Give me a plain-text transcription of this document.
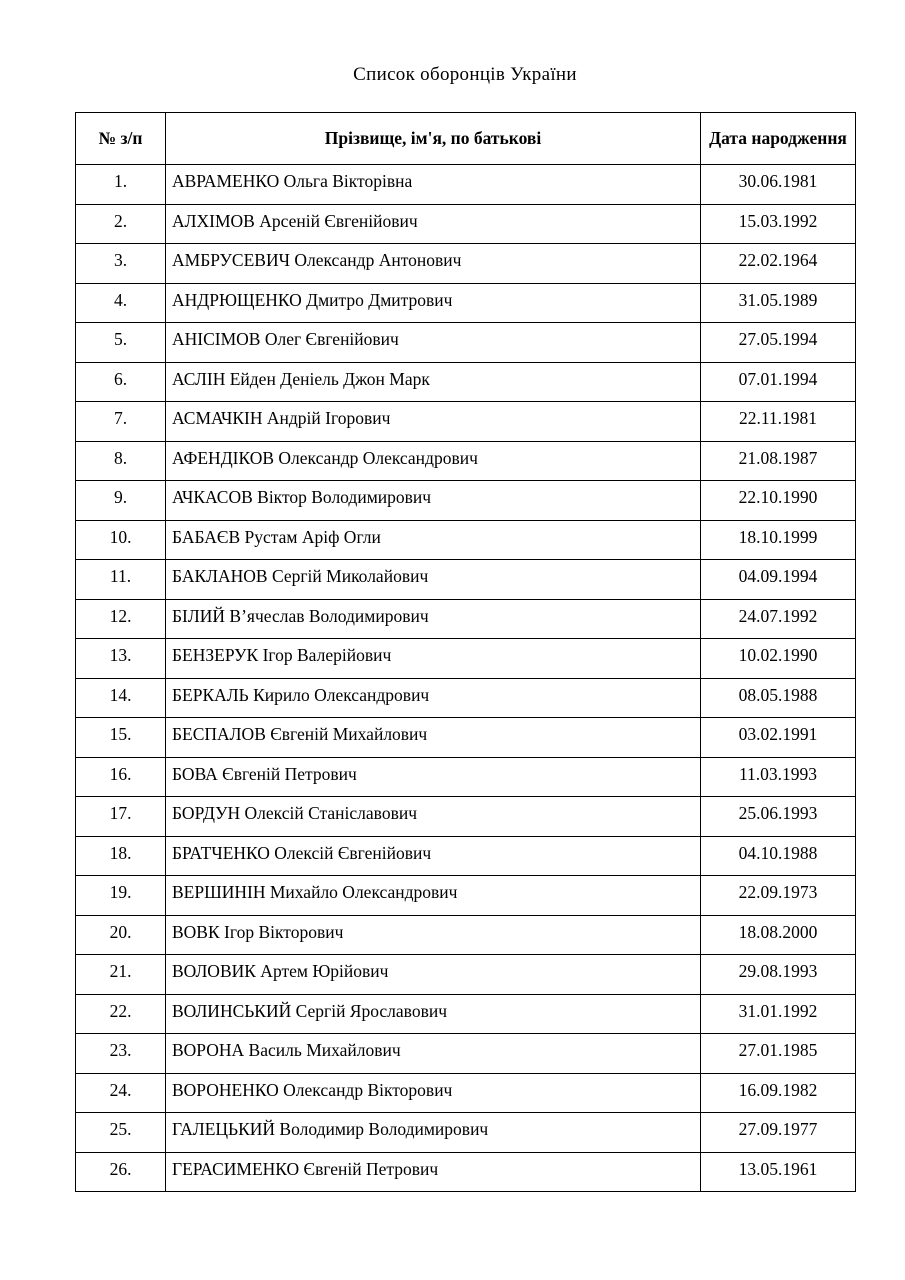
Список оборонців України
№ з/п	Прізвище, ім'я, по батькові	Дата народження
1.	АВРАМЕНКО Ольга Вікторівна	30.06.1981
2.	АЛХІМОВ Арсеній Євгенійович	15.03.1992
3.	АМБРУСЕВИЧ Олександр Антонович	22.02.1964
4.	АНДРЮЩЕНКО Дмитро Дмитрович	31.05.1989
5.	АНІСІМОВ Олег Євгенійович	27.05.1994
6.	АСЛІН Ейден Деніель Джон Марк	07.01.1994
7.	АСМАЧКІН Андрій Ігорович	22.11.1981
8.	АФЕНДІКОВ Олександр Олександрович	21.08.1987
9.	АЧКАСОВ Віктор Володимирович	22.10.1990
10.	БАБАЄВ Рустам Аріф Огли	18.10.1999
11.	БАКЛАНОВ Сергій Миколайович	04.09.1994
12.	БІЛИЙ В’ячеслав Володимирович	24.07.1992
13.	БЕНЗЕРУК Ігор Валерійович	10.02.1990
14.	БЕРКАЛЬ Кирило Олександрович	08.05.1988
15.	БЕСПАЛОВ Євгеній Михайлович	03.02.1991
16.	БОВА Євгеній Петрович	11.03.1993
17.	БОРДУН Олексій Станіславович	25.06.1993
18.	БРАТЧЕНКО Олексій Євгенійович	04.10.1988
19.	ВЕРШИНІН Михайло Олександрович	22.09.1973
20.	ВОВК Ігор Вікторович	18.08.2000
21.	ВОЛОВИК Артем Юрійович	29.08.1993
22.	ВОЛИНСЬКИЙ Сергій Ярославович	31.01.1992
23.	ВОРОНА Василь Михайлович	27.01.1985
24.	ВОРОНЕНКО Олександр Вікторович	16.09.1982
25.	ГАЛЕЦЬКИЙ Володимир Володимирович	27.09.1977
26.	ГЕРАСИМЕНКО Євгеній Петрович	13.05.1961
